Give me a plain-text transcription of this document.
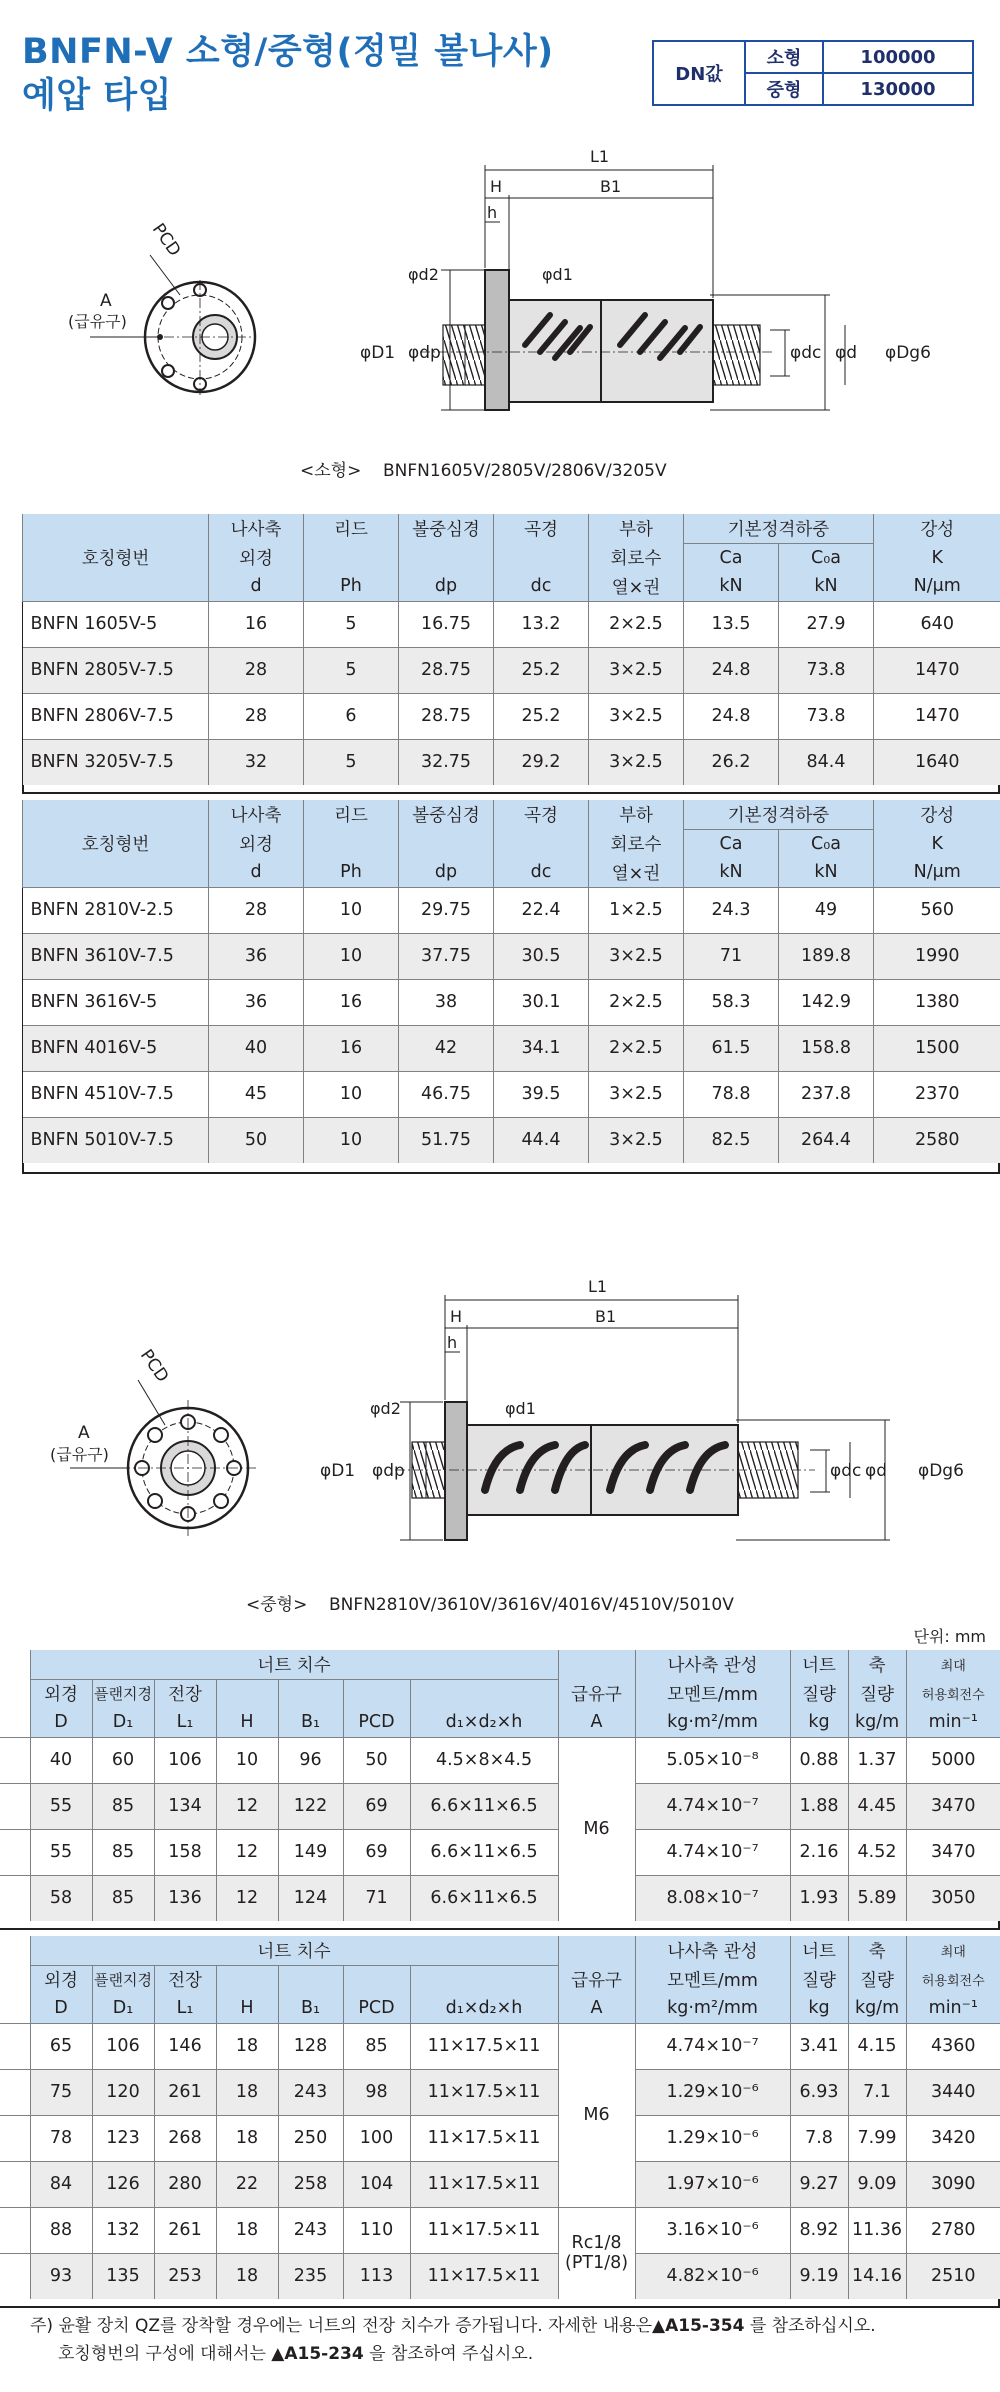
BNFN-V 소형/중형(정밀 볼나사)
예압 타입
DN값	소형	100000
	중형	130000
PCD
A
(급유구)
L1
H	B1
h
φd2	φd1
φD1 φdp	φdc φd φDg6
<소형> BNFN1605V/2805V/2806V/3205V
호칭형번	나사축	리드	볼중심경	곡경	부하	기본정격하중		강성
	외경				회로수	Ca	C₀a	K
	d	Ph	dp	dc	열×권	kN	kN	N/μm
BNFN 1605V-5	16	5	16.75	13.2	2×2.5	13.5	27.9	640
BNFN 2805V-7.5	28	5	28.75	25.2	3×2.5	24.8	73.8	1470
BNFN 2806V-7.5	28	6	28.75	25.2	3×2.5	24.8	73.8	1470
BNFN 3205V-7.5	32	5	32.75	29.2	3×2.5	26.2	84.4	1640
호칭형번	나사축	리드	볼중심경	곡경	부하	기본정격하중		강성
	외경				회로수	Ca	C₀a	K
	d	Ph	dp	dc	열×권	kN	kN	N/μm
BNFN 2810V-2.5	28	10	29.75	22.4	1×2.5	24.3	49	560
BNFN 3610V-7.5	36	10	37.75	30.5	3×2.5	71	189.8	1990
BNFN 3616V-5	36	16	38	30.1	2×2.5	58.3	142.9	1380
BNFN 4016V-5	40	16	42	34.1	2×2.5	61.5	158.8	1500
BNFN 4510V-7.5	45	10	46.75	39.5	3×2.5	78.8	237.8	2370
BNFN 5010V-7.5	50	10	51.75	44.4	3×2.5	82.5	264.4	2580
PCD
A
(급유구)
L1
H	B1
h
φd2	φd1
φD1 φdp	φdc φd φDg6
<중형> BNFN2810V/3610V/3616V/4016V/4510V/5010V
단위: mm
	너트 치수								나사축 관성	너트	축	최대
	외경	플랜지경	전장					급유구	모멘트/mm	질량	질량	허용회전수
	D	D₁	L₁	H	B₁	PCD	d₁×d₂×h	A	kg·m²/mm	kg	kg/m	min⁻¹
	40	60	106	10	96	50	4.5×8×4.5	M6	5.05×10⁻⁸	0.88	1.37	5000
	55	85	134	12	122	69	6.6×11×6.5		4.74×10⁻⁷	1.88	4.45	3470
	55	85	158	12	149	69	6.6×11×6.5		4.74×10⁻⁷	2.16	4.52	3470
	58	85	136	12	124	71	6.6×11×6.5		8.08×10⁻⁷	1.93	5.89	3050
	너트 치수								나사축 관성	너트	축	최대
	외경	플랜지경	전장					급유구	모멘트/mm	질량	질량	허용회전수
	D	D₁	L₁	H	B₁	PCD	d₁×d₂×h	A	kg·m²/mm	kg	kg/m	min⁻¹
	65	106	146	18	128	85	11×17.5×11	M6	4.74×10⁻⁷	3.41	4.15	4360
	75	120	261	18	243	98	11×17.5×11		1.29×10⁻⁶	6.93	7.1	3440
	78	123	268	18	250	100	11×17.5×11		1.29×10⁻⁶	7.8	7.99	3420
	84	126	280	22	258	104	11×17.5×11		1.97×10⁻⁶	9.27	9.09	3090
	88	132	261	18	243	110	11×17.5×11	Rc1/8
(PT1/8)	3.16×10⁻⁶	8.92	11.36	2780
	93	135	253	18	235	113	11×17.5×11		4.82×10⁻⁶	9.19	14.16	2510
주) 윤활 장치 QZ를 장착할 경우에는 너트의 전장 치수가 증가됩니다. 자세한 내용은▲A15-354 를 참조하십시오.
호칭형번의 구성에 대해서는 ▲A15-234 을 참조하여 주십시오.
